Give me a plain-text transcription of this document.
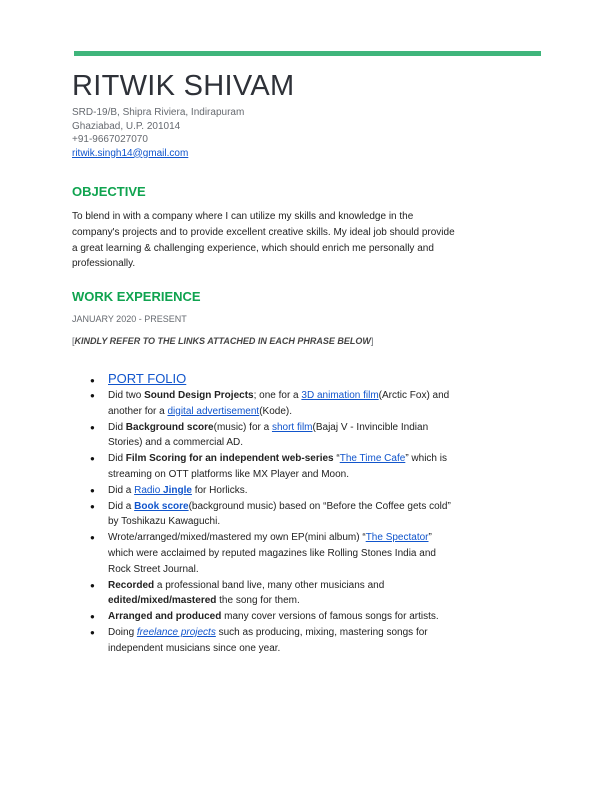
RITWIK SHIVAM
SRD-19/B, Shipra Riviera, Indirapuram
Ghaziabad, U.P. 201014
+91-9667027070
ritwik.singh14@gmail.com
OBJECTIVE
To blend in with a company where I can utilize my skills and knowledge in the company's projects and to provide excellent creative skills. My ideal job should provide a great learning & challenging experience, which should enrich me personally and professionally.
WORK EXPERIENCE
JANUARY 2020 - PRESENT
[KINDLY REFER TO THE LINKS ATTACHED IN EACH PHRASE BELOW]
● PORT FOLIO
● Did two Sound Design Projects; one for a 3D animation film(Arctic Fox) and another for a digital advertisement(Kode).
● Did Background score(music) for a short film(Bajaj V - Invincible Indian Stories) and a commercial AD.
● Did Film Scoring for an independent web-series “The Time Cafe” which is streaming on OTT platforms like MX Player and Moon.
● Did a Radio Jingle for Horlicks.
● Did a Book score(background music) based on “Before the Coffee gets cold” by Toshikazu Kawaguchi.
● Wrote/arranged/mixed/mastered my own EP(mini album) “The Spectator” which were acclaimed by reputed magazines like Rolling Stones India and Rock Street Journal.
● Recorded a professional band live, many other musicians and edited/mixed/mastered the song for them.
● Arranged and produced many cover versions of famous songs for artists.
● Doing freelance projects such as producing, mixing, mastering songs for independent musicians since one year.
